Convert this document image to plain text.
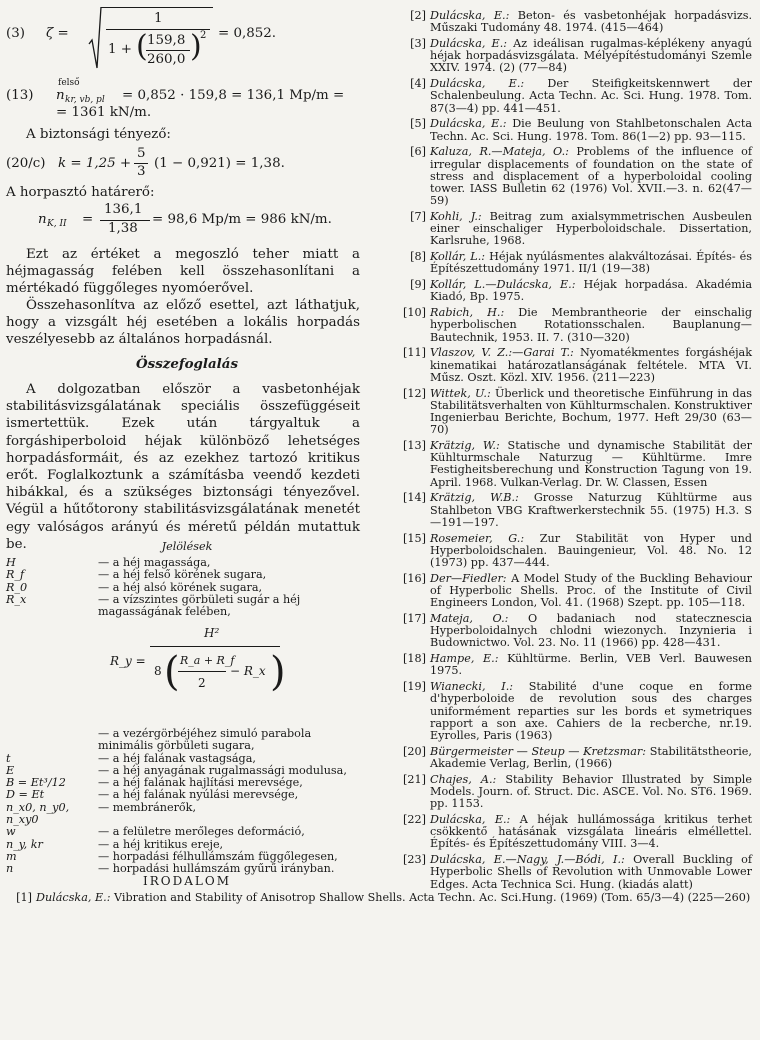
(3) ζ =
1
1 + ( 159,8
260,0 )
2 = 0,852.
(13)
felső
n kr, vb, pl = 0,852 · 159,8 = 136,1 Mp/m =
= 1361 kN/m.
A biztonsági tényező:
(20/c) k = 1,25 +
5
3
(1 − 0,921) = 1,38.
A horpasztó határerő:
n K, II =
136,1
1,38
= 98,6 Mp/m = 986 kN/m.

Ezt az értéket a megoszló teher miatt a héjmagasság felében kell összehasonlítani a mértékadó függőleges nyomóerővel.

Összehasonlítva az előző esettel, azt láthatjuk, hogy a vizsgált héj esetében a lokális horpadás veszélyesebb az általános horpadásnál.

Összefoglalás

A dolgozatban először a vasbetonhéjak stabilitásvizsgálatának speciális összefüggéseit ismertettük. Ezek után tárgyaltuk a forgáshiperboloid héjak különböző lehetséges horpadásformáit, és az ezekhez tartozó kritikus erőt. Foglalkoztunk a számításba veendő kezdeti hibákkal, és a szükséges biztonsági tényezővel. Végül a hűtőtorony stabilitásvizsgálatának menetét egy valóságos arányú és méretű példán mutattuk be.	Jelölések
H	— a héj magassága,
R_f	— a héj felső körének sugara,
R_0	— a héj alsó körének sugara,
R_x	— a vízszintes görbületi sugár a héj magasságának felében,
R_y =
H²
8 ( R_a + R_f
2
− R_x )
— a vezérgörbéjéhez simuló parabola minimális görbületi sugara,
t	— a héj falának vastagsága,
E	— a héj anyagának rugalmassági modulusa,
B = Et³/12	— a héj falának hajlítási merevsége,
D = Et	— a héj falának nyúlási merevsége,
n_x0, n_y0, n_xy0
— membránerők,
w	— a felületre merőleges deformáció,
n_y, kr	— a héj kritikus ereje,
m	— horpadási félhullámszám függőlegesen,
n	— horpadási hullámszám gyűrű irányban.
IRODALOM
[1] Dulácska, E.: Vibration and Stability of Anisotrop Shallow Shells. Acta Techn. Ac. Sci.Hung. (1969) (Tom. 65/3—4) (225—260)
[2] Dulácska, E.: Beton- és vasbetonhéjak horpadásvizs. Műszaki Tudomány 48. 1974. (415—464)
[3] Dulácska, E.: Az ideálisan rugalmas-képlékeny anyagú héjak horpadásvizsgálata. Mélyépítéstudományi Szemle XXIV. 1974. (2) (77—84)
[4] Dulácska, E.: Der Steifigkeitskennwert der Schalenbeulung. Acta Techn. Ac. Sci. Hung. 1978. Tom. 87(3—4) pp. 441—451.
[5] Dulácska, E.: Die Beulung von Stahlbetonschalen Acta Techn. Ac. Sci. Hung. 1978. Tom. 86(1—2) pp. 93—115.
[6] Kaluza, R.—Mateja, O.: Problems of the influence of irregular displacements of foundation on the state of stress and displacement of a hyperboloidal cooling tower. IASS Bulletin 62 (1976) Vol. XVII.—3. n. 62(47—59)
[7] Kohli, J.: Beitrag zum axialsymmetrischen Ausbeulen einer einschaliger Hyperboloidschale. Dissertation, Karlsruhe, 1968.
[8] Kollár, L.: Héjak nyúlásmentes alakváltozásai. Építés- és Építészettudomány 1971. II/1 (19—38)
[9] Kollár, L.—Dulácska, E.: Héjak horpadása. Akadémia Kiadó, Bp. 1975.
[10] Rabich, H.: Die Membrantheorie der einschalig hyperbolischen Rotationsschalen. Bauplanung—Bautechnik, 1953. II. 7. (310—320)
[11] Vlaszov, V. Z.:—Garai T.: Nyomatékmentes forgáshéjak kinematikai határozatlanságának feltétele. MTA VI. Műsz. Oszt. Közl. XIV. 1956. (211—223)
[12] Wittek, U.: Überlick und theoretische Einführung in das Stabilitätsverhalten von Kühlturmschalen. Konstruktiver Ingenierbau Berichte, Bochum, 1977. Heft 29/30 (63—70)
[13] Krätzig, W.: Statische und dynamische Stabilität der Kühlturmschale Naturzug — Kühltürme. Imre Festigheitsberechung und Konstruction Tagung von 19. April. 1968. Vulkan-Verlag. Dr. W. Classen, Essen
[14] Krätzig, W.B.: Grosse Naturzug Kühltürme aus Stahlbeton VBG Kraftwerkerstechnik 55. (1975) H.3. S—191—197.
[15] Rosemeier, G.: Zur Stabilität von Hyper und Hyperboloidschalen. Bauingenieur, Vol. 48. No. 12 (1973) pp. 437—444.
[16] Der—Fiedler: A Model Study of the Buckling Behaviour of Hyperbolic Shells. Proc. of the Institute of Civil Engineers London, Vol. 41. (1968) Szept. pp. 105—118.
[17] Mateja, O.: O badaniach nod statecznescia Hyperboloidalnych chlodni wiezonych. Inzynieria i Budownictwo. Vol. 23. No. 11 (1966) pp. 428—431.
[18] Hampe, E.: Kühltürme. Berlin, VEB Verl. Bauwesen 1975.
[19] Wianecki, I.: Stabilité d'une coque en forme d'hyperboloide de revolution sous des charges uniformément reparties sur les bords et symetriques rapport a son axe. Cahiers de la recberche, nr.19. Eyrolles, Paris (1963)
[20] Bürgermeister — Steup — Kretzsmar: Stabilitätstheorie, Akademie Verlag, Berlin, (1966)
[21] Chajes, A.: Stability Behavior Illustrated by Simple Models. Journ. of. Struct. Dic. ASCE. Vol. No. ST6. 1969. pp. 1153.
[22] Dulácska, E.: A héjak hullámossága kritikus terhet csökkentő hatásának vizsgálata lineáris elméllettel. Építés- és Építészettudomány VIII. 3—4.
[23] Dulácska, E.—Nagy, J.—Bódi, I.: Overall Buckling of Hyperbolic Shells of Revolution with Unmovable Lower Edges. Acta Technica Sci. Hung. (kiadás alatt)
